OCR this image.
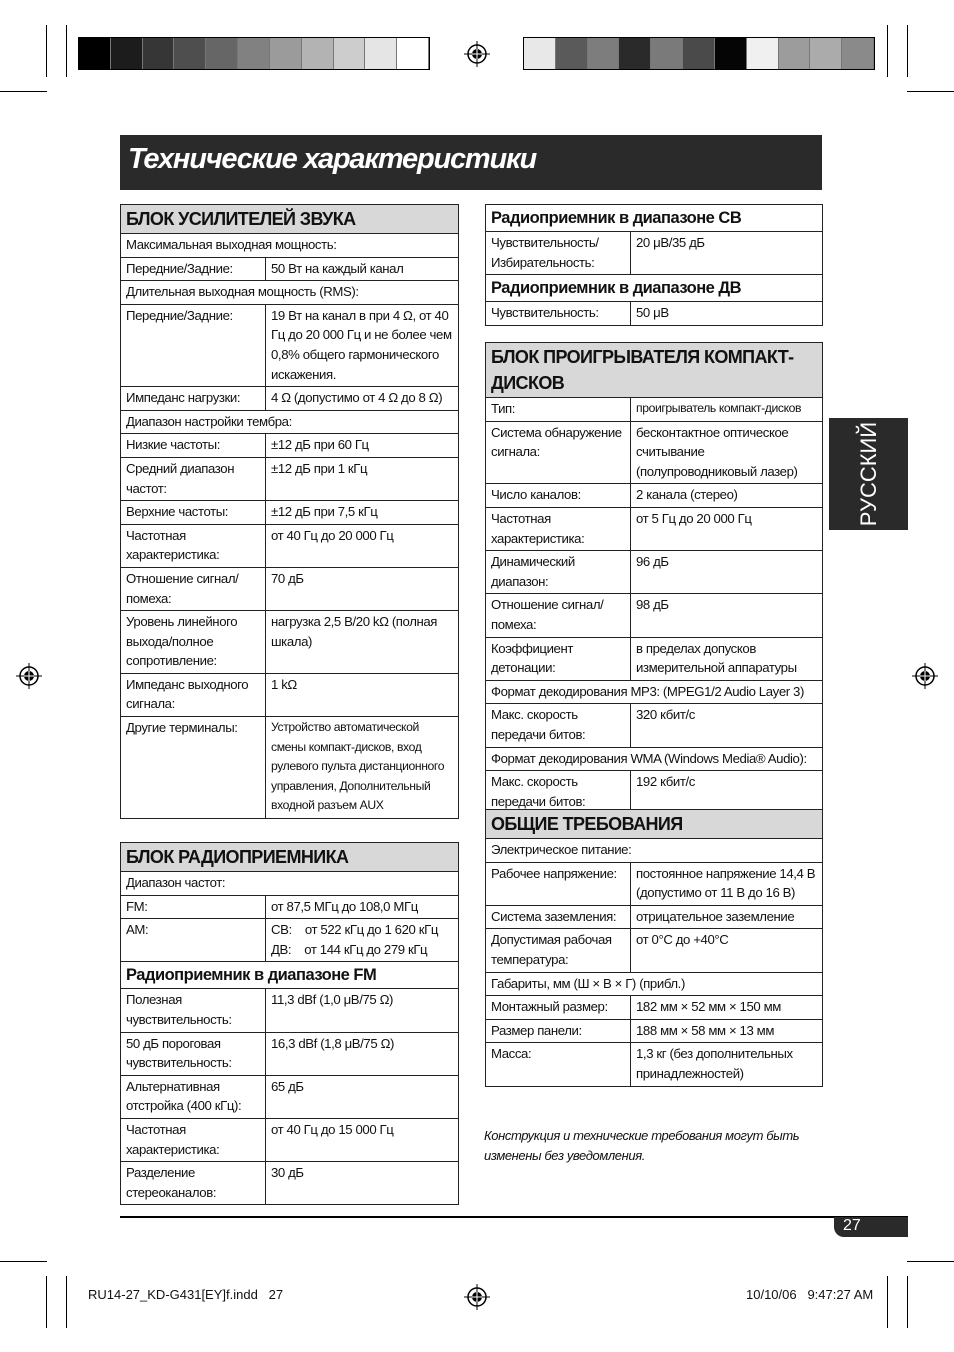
Технические характеристики
БЛОК УСИЛИТЕЛЕЙ ЗВУКА	
Максимальная выходная мощность:	
Передние/Задние:	50 Вт на каждый канал
Длительная выходная мощность (RMS):	
Передние/Задние:	19 Вт на канал в при 4 Ω, от 40 Гц до 20 000 Гц и не более чем 0,8% общего гармонического искажения.
Импеданс нагрузки:	4 Ω (допустимо от 4 Ω до 8 Ω)
Диапазон настройки тембра:	
Низкие частоты:	±12 дБ при 60 Гц
Средний диапазон частот:	±12 дБ при 1 кГц
Верхние частоты:	±12 дБ при 7,5 кГц
Частотная характеристика:	от 40 Гц до 20 000 Гц
Отношение сигнал/ помеха:	70 дБ
Уровень линейного выхода/полное сопротивление:	нагрузка 2,5 В/20 kΩ (полная шкала)
Импеданс выходного сигнала:	1 kΩ
Другие терминалы:	Устройство автоматической смены компакт-дисков, вход рулевого пульта дистанционного управления, Дополнительный входной разъем AUX
БЛОК РАДИОПРИЕМНИКА	
Диапазон частот:	
FM:	от 87,5 МГц до 108,0 МГц
AM:	СВ:    от 522 кГц до 1 620 кГц
ДВ:    от 144 кГц до 279 кГц

Радиоприемник в диапазоне FM	
Полезная чувствительность:	11,3 dBf (1,0 μВ/75 Ω)
50 дБ пороговая чувствительность:	16,3 dBf (1,8 μВ/75 Ω)
Альтернативная отстройка (400 кГц):	65 дБ
Частотная характеристика:	от 40 Гц до 15 000 Гц
Разделение стереоканалов:	30 дБ
Радиоприемник в диапазоне СВ	
Чувствительность/ Избирательность:	20 μВ/35 дБ
Радиоприемник в диапазоне ДВ	
Чувствительность:	50 μВ
БЛОК ПРОИГРЫВАТЕЛЯ КОМПАКТ-ДИСКОВ	
Тип:	проигрыватель компакт-дисков
Система обнаружение сигнала:	бесконтактное оптическое считывание (полупроводниковый лазер)
Число каналов:	2 канала (стерео)
Частотная характеристика:	от 5 Гц до 20 000 Гц
Динамический диапазон:	96 дБ
Отношение сигнал/ помеха:	98 дБ
Коэффициент детонации:	в пределах допусков измерительной аппаратуры
Формат декодирования MP3: (MPEG1/2 Audio Layer 3)	
Макс. скорость передачи битов:	320 кбит/с
Формат декодирования WMA (Windows Media® Audio):	
Макс. скорость передачи битов:	192 кбит/с
ОБЩИЕ ТРЕБОВАНИЯ	
Электрическое питание:	
Рабочее напряжение:	постоянное напряжение 14,4 В (допустимо от 11 В до 16 В)
Система заземления:	отрицательное заземление
Допустимая рабочая температура:	от 0°C до +40°C
Габариты, мм (Ш × В × Г) (прибл.)	
Монтажный размер:	182 мм × 52 мм × 150 мм
Размер панели:	188 мм × 58 мм × 13 мм
Масса:	1,3 кг (без дополнительных принадлежностей)
Конструкция и технические требования могут быть изменены без уведомления.
РУССКИЙ
27
RU14-27_KD-G431[EY]f.indd   27	10/10/06   9:47:27 AM
